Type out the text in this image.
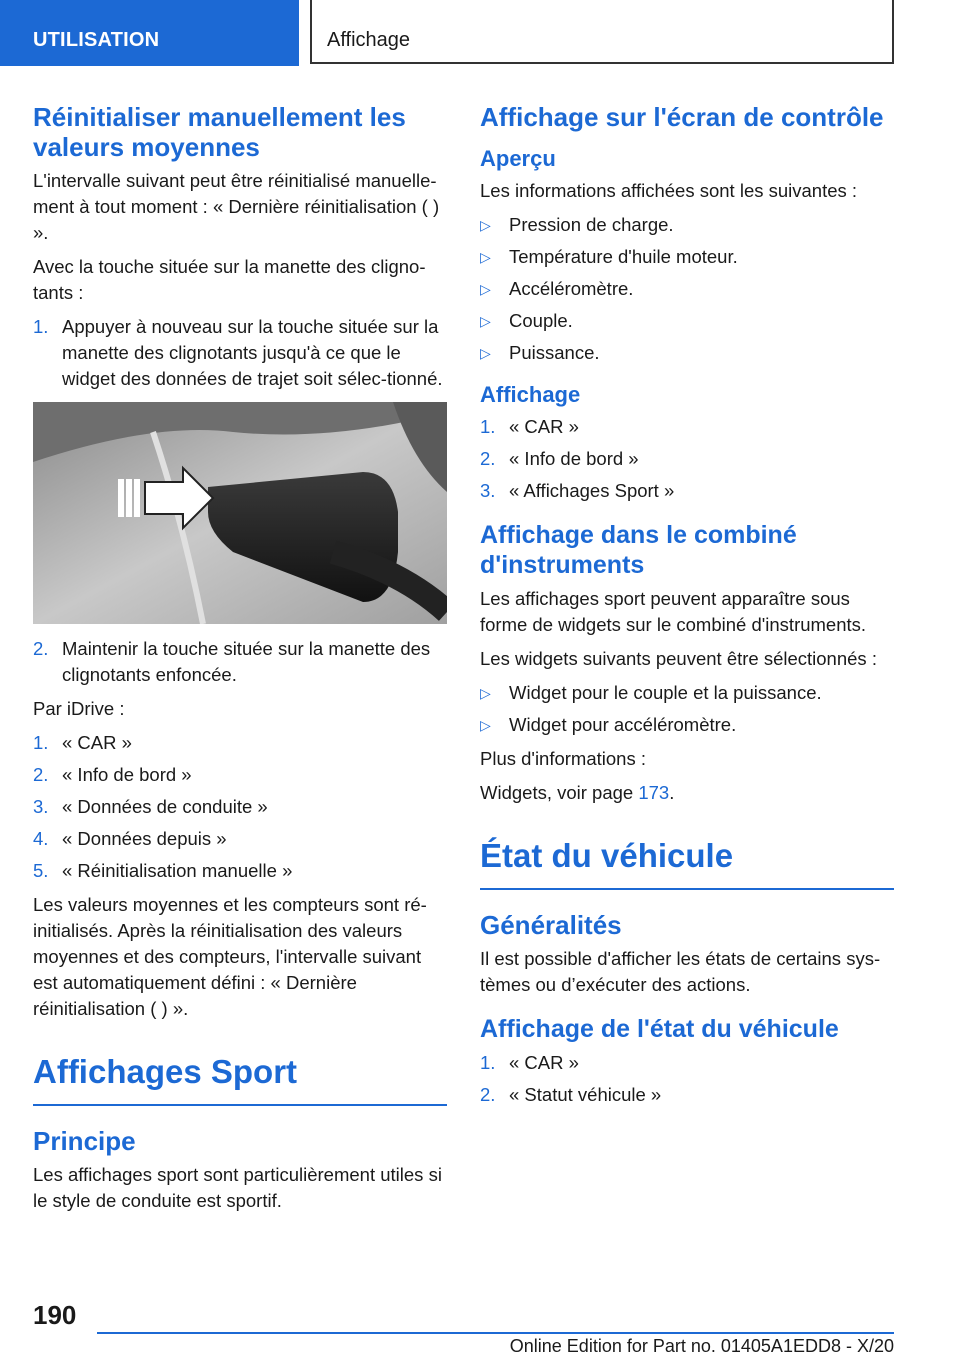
UTILISATION	Affichage
Réinitialiser manuellement les valeurs moyennes

L'intervalle suivant peut être réinitialisé manuelle‐ment à tout moment : « Dernière réinitialisation ( ) ».

Avec la touche située sur la manette des cligno‐tants :

1. Appuyer à nouveau sur la touche située sur la manette des clignotants jusqu'à ce que le widget des données de trajet soit sélec‐tionné.
2. Maintenir la touche située sur la manette des clignotants enfoncée.

Par iDrive :

1. « CAR »
2. « Info de bord »
3. « Données de conduite »
4. « Données depuis »
5. « Réinitialisation manuelle »

Les valeurs moyennes et les compteurs sont ré‐initialisés. Après la réinitialisation des valeurs moyennes et des compteurs, l'intervalle suivant est automatiquement défini : « Dernière réinitialisation ( ) ».

Affichages Sport
Principe

Les affichages sport sont particulièrement utiles si le style de conduite est sportif.

Affichage sur l'écran de contrôle
Aperçu

Les informations affichées sont les suivantes :

▷ Pression de charge.
▷ Température d'huile moteur.
▷ Accéléromètre.
▷ Couple.
▷ Puissance.
Affichage
1. « CAR »
2. « Info de bord »
3. « Affichages Sport »
Affichage dans le combiné d'instruments

Les affichages sport peuvent apparaître sous forme de widgets sur le combiné d'instruments.

Les widgets suivants peuvent être sélectionnés :

▷ Widget pour le couple et la puissance.
▷ Widget pour accéléromètre.

Plus d'informations :

Widgets, voir page 173.

État du véhicule
Généralités

Il est possible d'afficher les états de certains sys‐tèmes ou d’exécuter des actions.

Affichage de l'état du véhicule
1. « CAR »
2. « Statut véhicule »
190
Online Edition for Part no. 01405A1EDD8 - X/20
